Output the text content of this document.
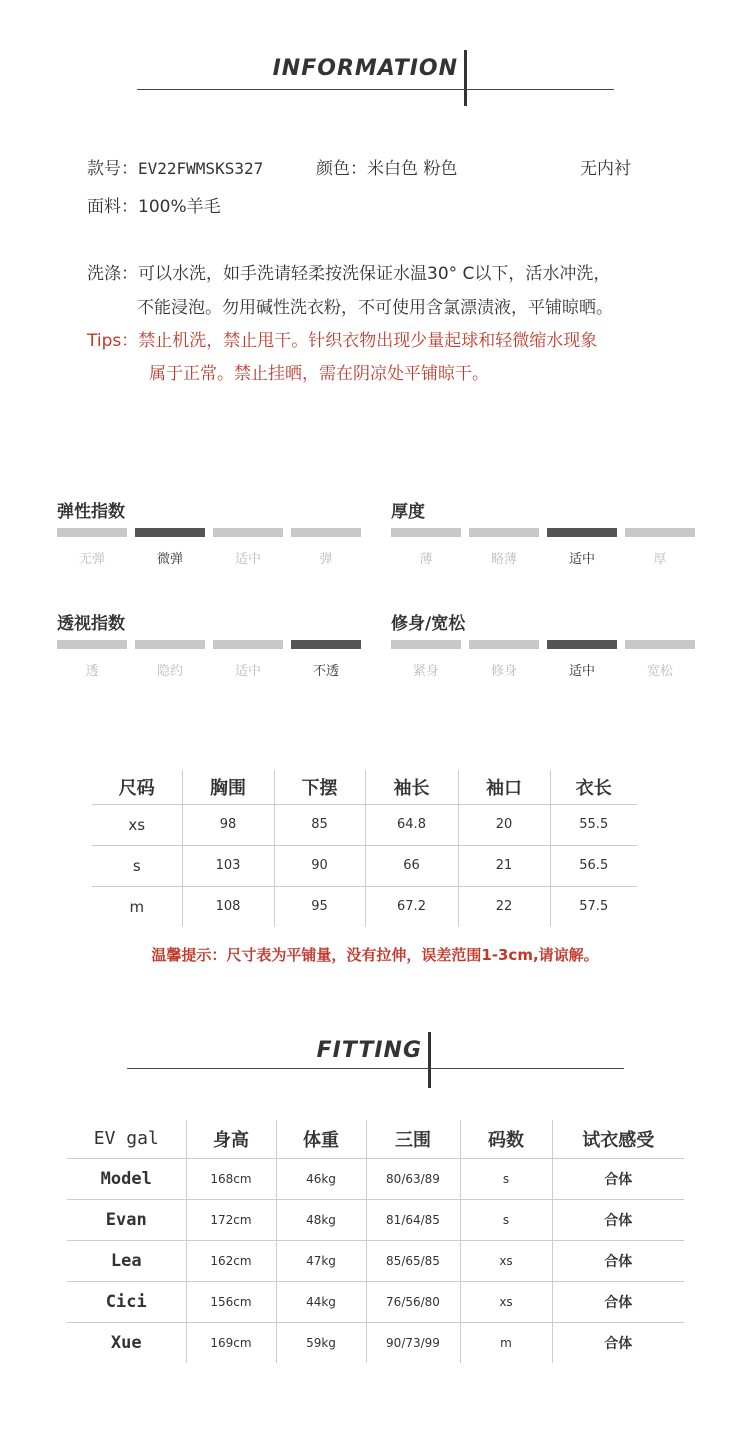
INFORMATION
款号：EV22FWMSKS327	颜色：米白色 粉色	无内衬
面料：100%羊毛
洗涤：可以水洗，如手洗请轻柔按洗保证水温30° C以下，活水冲洗，
不能浸泡。勿用碱性洗衣粉，不可使用含氯漂渍液，平铺晾晒。
Tips：禁止机洗，禁止甩干。针织衣物出现少量起球和轻微缩水现象
属于正常。禁止挂晒，需在阴凉处平铺晾干。
弹性指数
无弹	微弹	适中	弹
厚度
薄	略薄	适中	厚
透视指数
透	隐约	适中	不透
修身/宽松
紧身	修身	适中	宽松
尺码	胸围	下摆	袖长	袖口	衣长
xs	98	85	64.8	20	55.5
s	103	90	66	21	56.5
m	108	95	67.2	22	57.5
温馨提示：尺寸表为平铺量，没有拉伸，误差范围1-3cm,请谅解。
FITTING
EV gal	身高	体重	三围	码数	试衣感受
Model	168cm	46kg	80/63/89	s	合体
Evan	172cm	48kg	81/64/85	s	合体
Lea	162cm	47kg	85/65/85	xs	合体
Cici	156cm	44kg	76/56/80	xs	合体
Xue	169cm	59kg	90/73/99	m	合体
